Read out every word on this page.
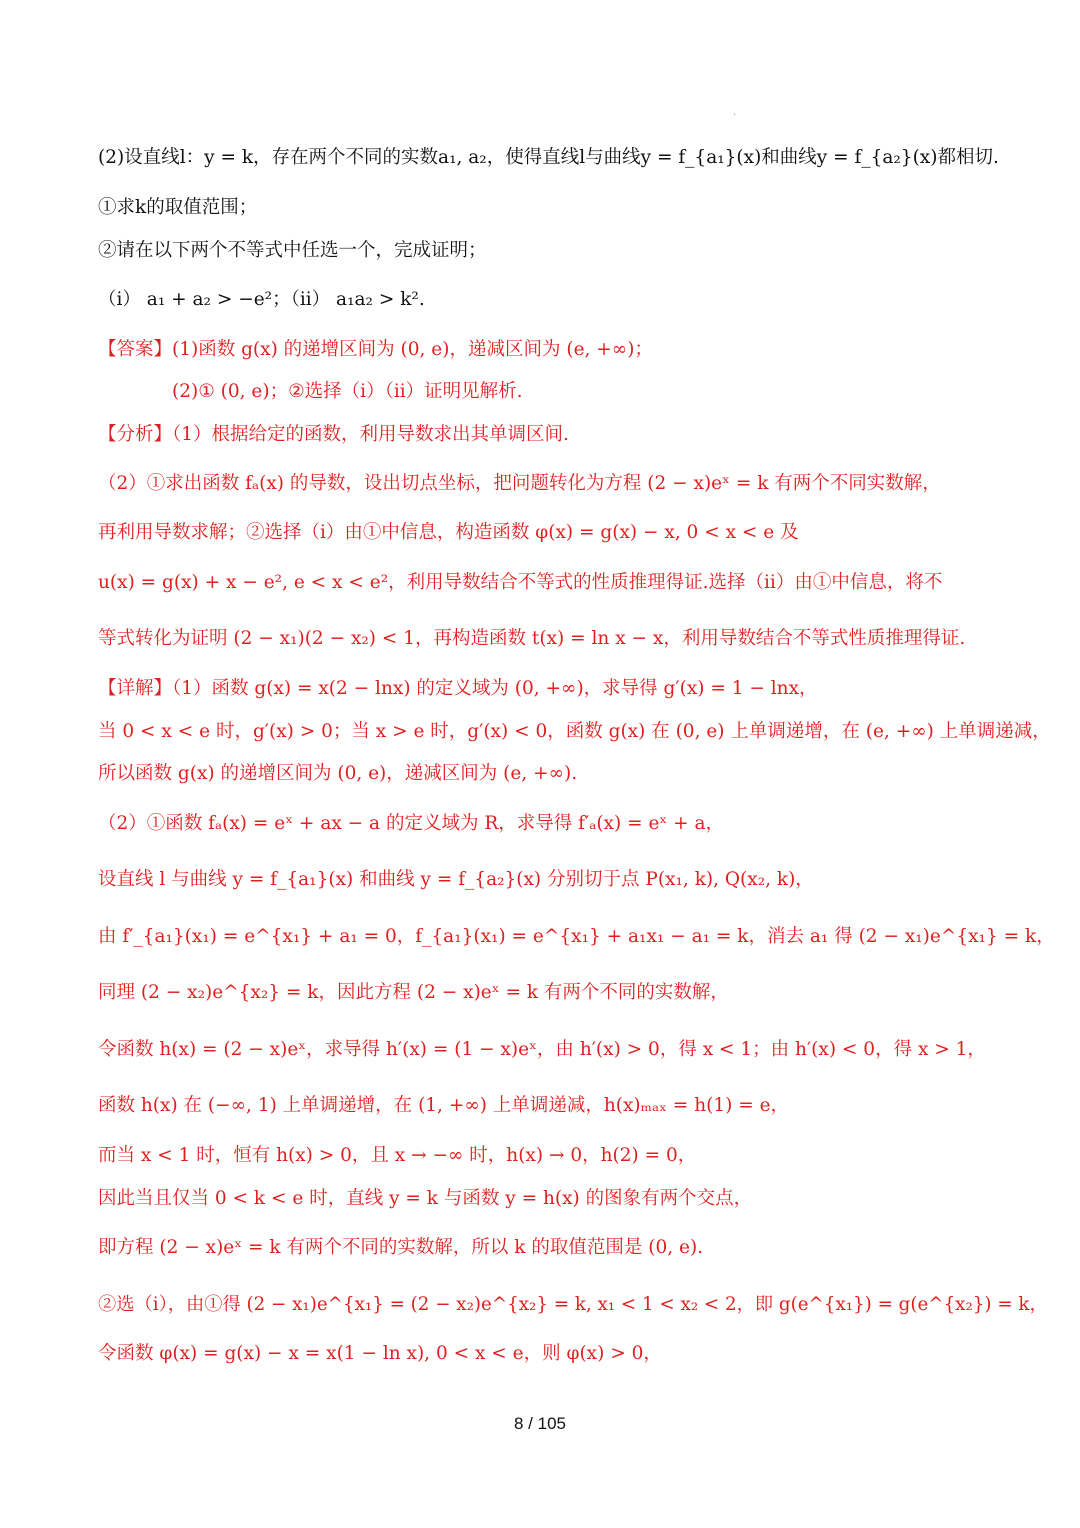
.
(2)设直线l：y = k，存在两个不同的实数a₁, a₂，使得直线l与曲线y = f_{a₁}(x)和曲线y = f_{a₂}(x)都相切.
①求k的取值范围；
②请在以下两个不等式中任选一个，完成证明；
（i） a₁ + a₂ > −e²；（ii） a₁a₂ > k².
【答案】(1)函数 g(x) 的递增区间为 (0, e)，递减区间为 (e, +∞)；
(2)① (0, e)；②选择（i）（ii）证明见解析.
【分析】（1）根据给定的函数，利用导数求出其单调区间.
（2）①求出函数 fₐ(x) 的导数，设出切点坐标，把问题转化为方程 (2 − x)eˣ = k 有两个不同实数解，
再利用导数求解；②选择（i）由①中信息，构造函数 φ(x) = g(x) − x, 0 < x < e 及
u(x) = g(x) + x − e², e < x < e²，利用导数结合不等式的性质推理得证.选择（ii）由①中信息，将不
等式转化为证明 (2 − x₁)(2 − x₂) < 1，再构造函数 t(x) = ln x − x，利用导数结合不等式性质推理得证.
【详解】（1）函数 g(x) = x(2 − lnx) 的定义域为 (0, +∞)，求导得 g′(x) = 1 − lnx，
当 0 < x < e 时，g′(x) > 0；当 x > e 时，g′(x) < 0，函数 g(x) 在 (0, e) 上单调递增，在 (e, +∞) 上单调递减，
所以函数 g(x) 的递增区间为 (0, e)，递减区间为 (e, +∞).
（2）①函数 fₐ(x) = eˣ + ax − a 的定义域为 R，求导得 f′ₐ(x) = eˣ + a，
设直线 l 与曲线 y = f_{a₁}(x) 和曲线 y = f_{a₂}(x) 分别切于点 P(x₁, k), Q(x₂, k)，
由 f′_{a₁}(x₁) = e^{x₁} + a₁ = 0，f_{a₁}(x₁) = e^{x₁} + a₁x₁ − a₁ = k，消去 a₁ 得 (2 − x₁)e^{x₁} = k，
同理 (2 − x₂)e^{x₂} = k，因此方程 (2 − x)eˣ = k 有两个不同的实数解，
令函数 h(x) = (2 − x)eˣ，求导得 h′(x) = (1 − x)eˣ，由 h′(x) > 0，得 x < 1；由 h′(x) < 0，得 x > 1，
函数 h(x) 在 (−∞, 1) 上单调递增，在 (1, +∞) 上单调递减，h(x)ₘₐₓ = h(1) = e，
而当 x < 1 时，恒有 h(x) > 0，且 x → −∞ 时，h(x) → 0，h(2) = 0，
因此当且仅当 0 < k < e 时，直线 y = k 与函数 y = h(x) 的图象有两个交点，
即方程 (2 − x)eˣ = k 有两个不同的实数解，所以 k 的取值范围是 (0, e).
②选（i），由①得 (2 − x₁)e^{x₁} = (2 − x₂)e^{x₂} = k, x₁ < 1 < x₂ < 2，即 g(e^{x₁}) = g(e^{x₂}) = k，
令函数 φ(x) = g(x) − x = x(1 − ln x), 0 < x < e，则 φ(x) > 0，
8 / 105
